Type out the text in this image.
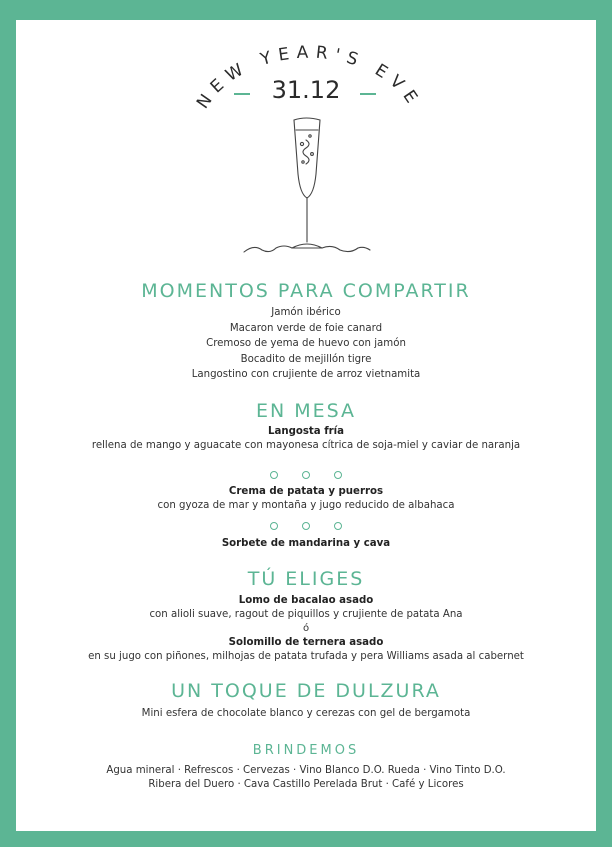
NEW YEAR'S EVE
31.12
MOMENTOS PARA COMPARTIR
Jamón ibérico
Macaron verde de foie canard
Cremoso de yema de huevo con jamón
Bocadito de mejillón tigre
Langostino con crujiente de arroz vietnamita
EN MESA
Langosta fría
rellena de mango y aguacate con mayonesa cítrica de soja-miel y caviar de naranja
Crema de patata y puerros
con gyoza de mar y montaña y jugo reducido de albahaca
Sorbete de mandarina y cava
TÚ ELIGES
Lomo de bacalao asado
con alioli suave, ragout de piquillos y crujiente de patata Ana
ó
Solomillo de ternera asado
en su jugo con piñones, milhojas de patata trufada y pera Williams asada al cabernet
UN TOQUE DE DULZURA
Mini esfera de chocolate blanco y cerezas con gel de bergamota
BRINDEMOS
Agua mineral · Refrescos · Cervezas · Vino Blanco D.O. Rueda · Vino Tinto D.O.
Ribera del Duero · Cava Castillo Perelada Brut · Café y Licores
